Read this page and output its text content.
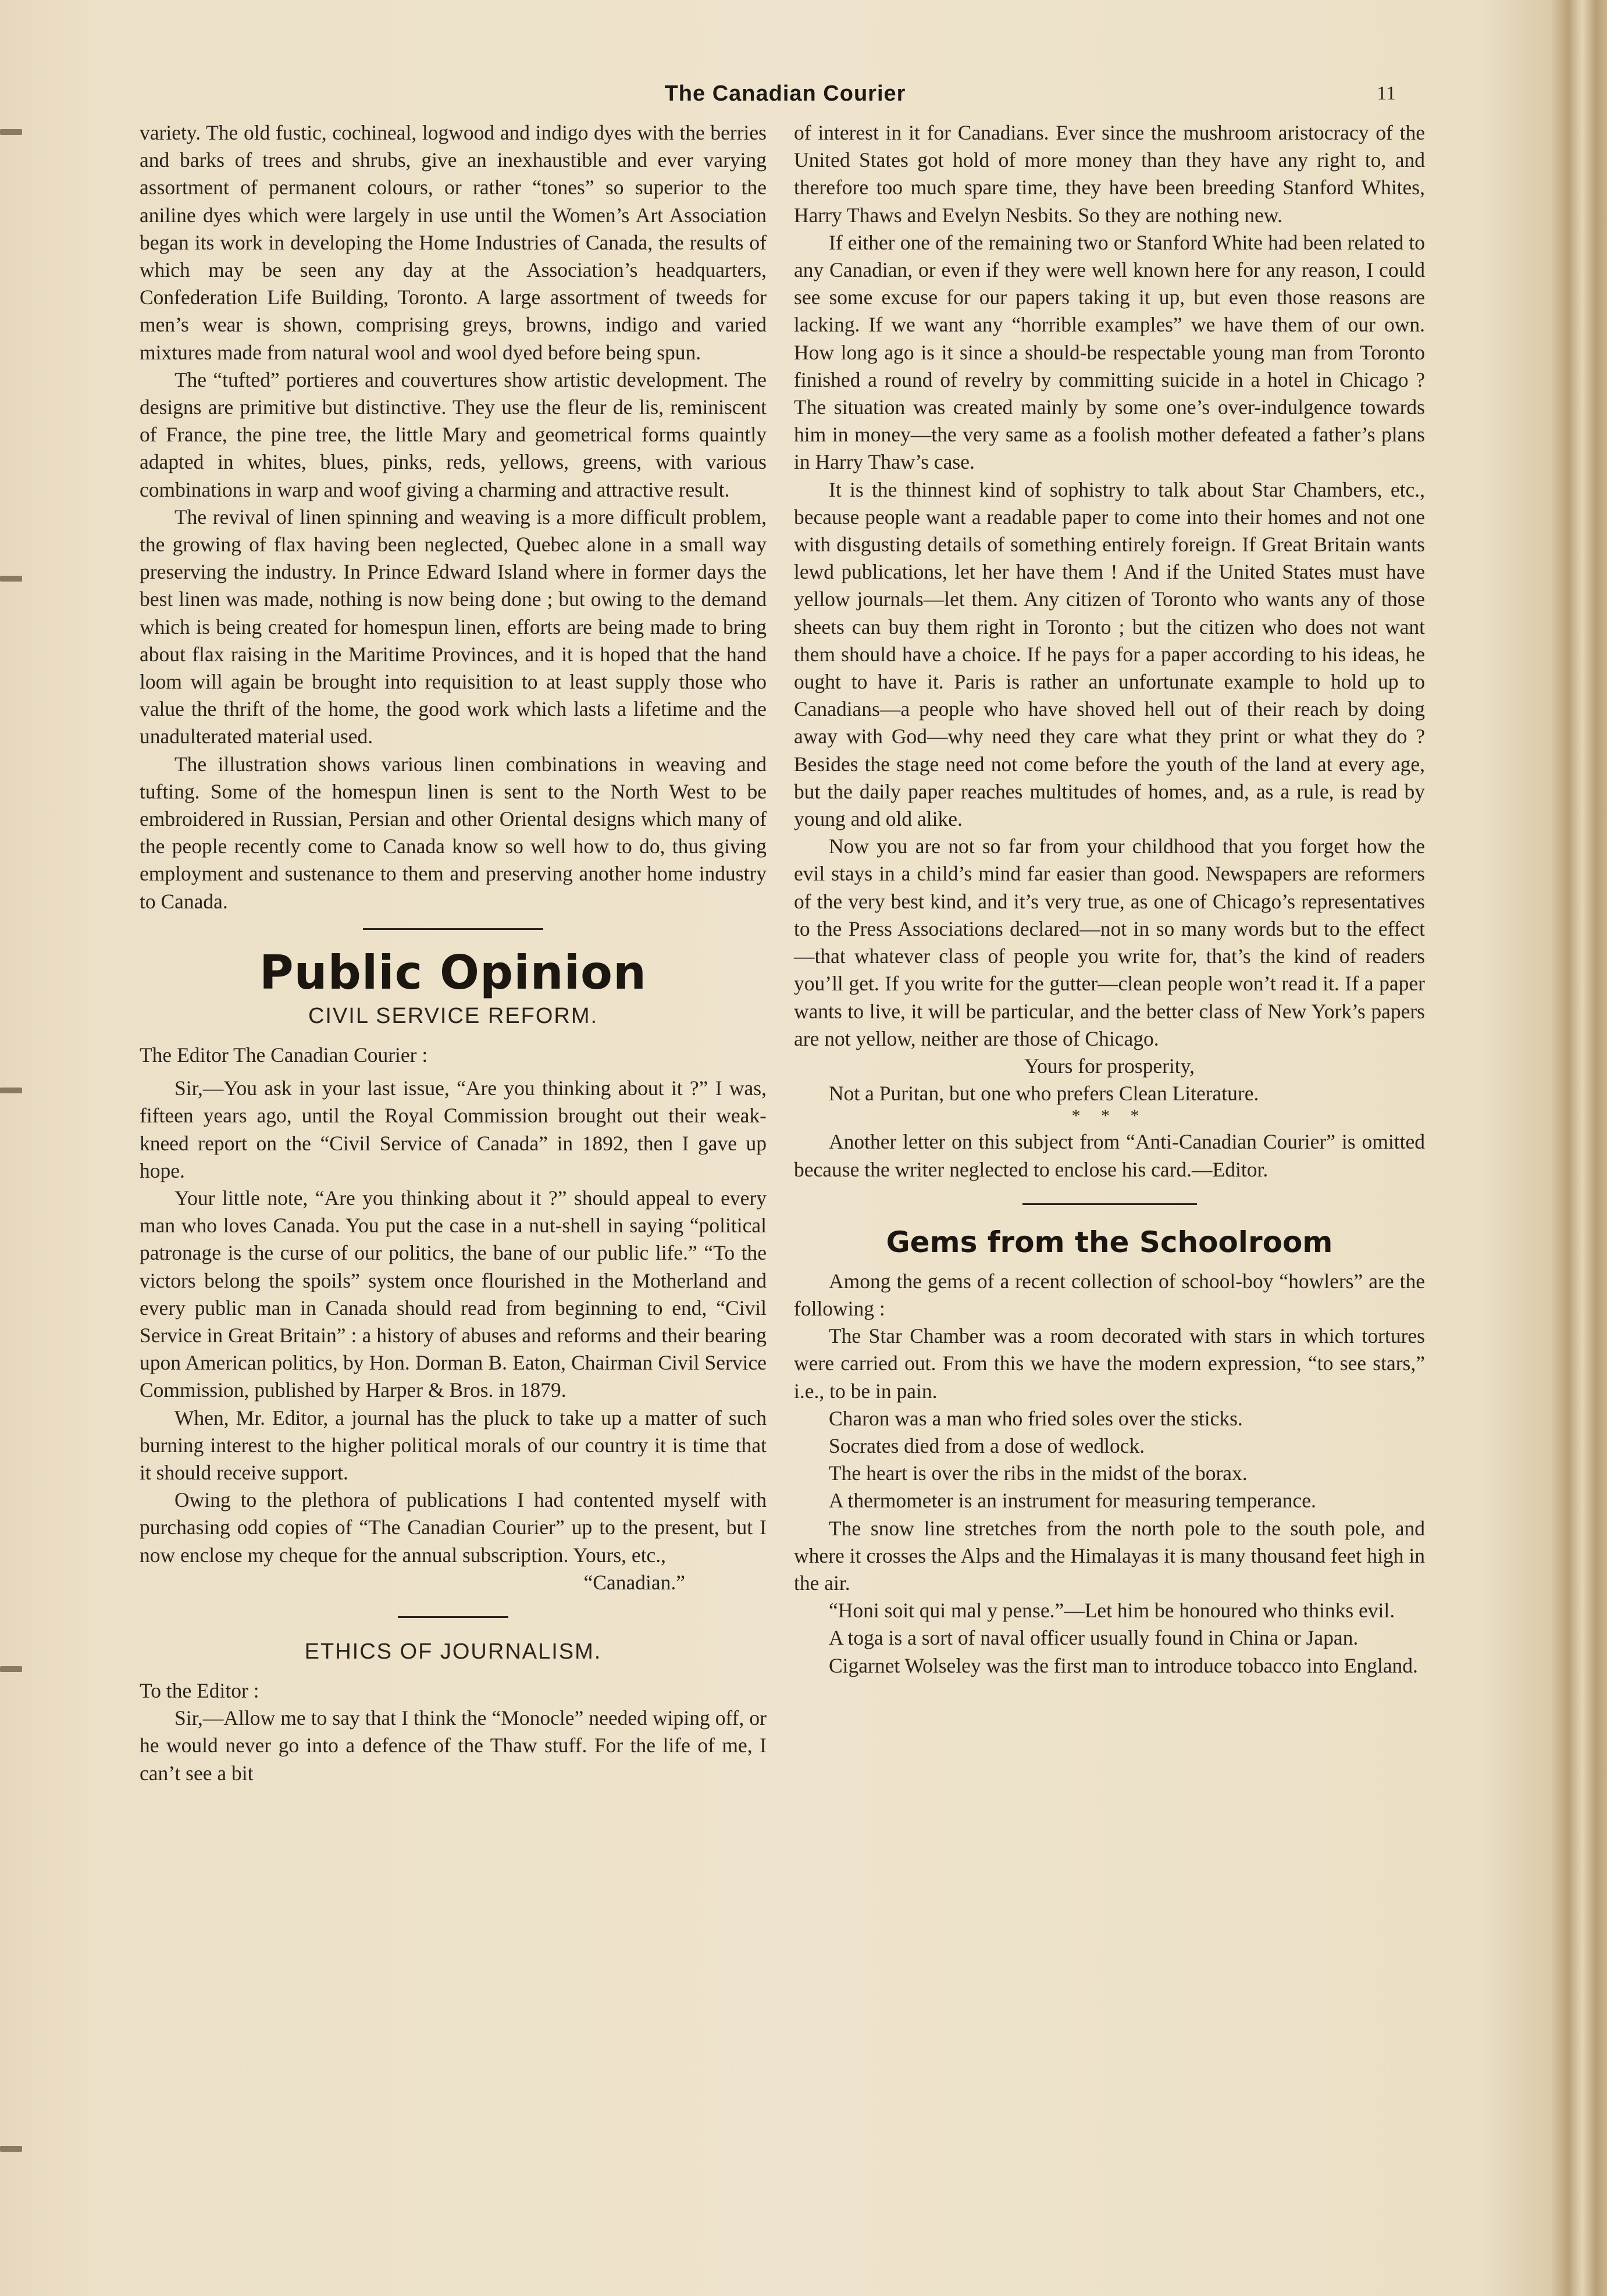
The Canadian Courier	11

variety. The old fustic, cochineal, logwood and indigo dyes with the berries and barks of trees and shrubs, give an inexhaustible and ever varying assortment of permanent colours, or rather “tones” so superior to the aniline dyes which were largely in use until the Women’s Art Association began its work in developing the Home Industries of Canada, the results of which may be seen any day at the Association’s headquarters, Confederation Life Building, Toronto. A large assortment of tweeds for men’s wear is shown, comprising greys, browns, indigo and varied mixtures made from natural wool and wool dyed before being spun.

The “tufted” portieres and couvertures show artistic development. The designs are primitive but distinctive. They use the fleur de lis, reminiscent of France, the pine tree, the little Mary and geometrical forms quaintly adapted in whites, blues, pinks, reds, yellows, greens, with various combinations in warp and woof giving a charming and attractive result.

The revival of linen spinning and weaving is a more difficult problem, the growing of flax having been neglected, Quebec alone in a small way preserving the industry. In Prince Edward Island where in former days the best linen was made, nothing is now being done ; but owing to the demand which is being created for homespun linen, efforts are being made to bring about flax raising in the Maritime Provinces, and it is hoped that the hand loom will again be brought into requisition to at least supply those who value the thrift of the home, the good work which lasts a lifetime and the unadulterated material used.

The illustration shows various linen combinations in weaving and tufting. Some of the homespun linen is sent to the North West to be embroidered in Russian, Persian and other Oriental designs which many of the people recently come to Canada know so well how to do, thus giving employment and sustenance to them and preserving another home industry to Canada.

Public Opinion
CIVIL SERVICE REFORM.

The Editor The Canadian Courier :

Sir,—You ask in your last issue, “Are you thinking about it ?” I was, fifteen years ago, until the Royal Commission brought out their weak-kneed report on the “Civil Service of Canada” in 1892, then I gave up hope.

Your little note, “Are you thinking about it ?” should appeal to every man who loves Canada. You put the case in a nut-shell in saying “political patronage is the curse of our politics, the bane of our public life.” “To the victors belong the spoils” system once flourished in the Motherland and every public man in Canada should read from beginning to end, “Civil Service in Great Britain” : a history of abuses and reforms and their bearing upon American politics, by Hon. Dorman B. Eaton, Chairman Civil Service Commission, published by Harper & Bros. in 1879.

When, Mr. Editor, a journal has the pluck to take up a matter of such burning interest to the higher political morals of our country it is time that it should receive support.

Owing to the plethora of publications I had contented myself with purchasing odd copies of “The Canadian Courier” up to the present, but I now enclose my cheque for the annual subscription. Yours, etc.,

“Canadian.”

ETHICS OF JOURNALISM.

To the Editor :

Sir,—Allow me to say that I think the “Monocle” needed wiping off, or he would never go into a defence of the Thaw stuff. For the life of me, I can’t see a bit

of interest in it for Canadians. Ever since the mushroom aristocracy of the United States got hold of more money than they have any right to, and therefore too much spare time, they have been breeding Stanford Whites, Harry Thaws and Evelyn Nesbits. So they are nothing new.

If either one of the remaining two or Stanford White had been related to any Canadian, or even if they were well known here for any reason, I could see some excuse for our papers taking it up, but even those reasons are lacking. If we want any “horrible examples” we have them of our own. How long ago is it since a should-be respectable young man from Toronto finished a round of revelry by committing suicide in a hotel in Chicago ? The situation was created mainly by some one’s over-indulgence towards him in money—the very same as a foolish mother defeated a father’s plans in Harry Thaw’s case.

It is the thinnest kind of sophistry to talk about Star Chambers, etc., because people want a readable paper to come into their homes and not one with disgusting details of something entirely foreign. If Great Britain wants lewd publications, let her have them ! And if the United States must have yellow journals—let them. Any citizen of Toronto who wants any of those sheets can buy them right in Toronto ; but the citizen who does not want them should have a choice. If he pays for a paper according to his ideas, he ought to have it. Paris is rather an unfortunate example to hold up to Canadians—a people who have shoved hell out of their reach by doing away with God—why need they care what they print or what they do ? Besides the stage need not come before the youth of the land at every age, but the daily paper reaches multitudes of homes, and, as a rule, is read by young and old alike.

Now you are not so far from your childhood that you forget how the evil stays in a child’s mind far easier than good. Newspapers are reformers of the very best kind, and it’s very true, as one of Chicago’s representatives to the Press Associations declared—not in so many words but to the effect—that whatever class of people you write for, that’s the kind of readers you’ll get. If you write for the gutter—clean people won’t read it. If a paper wants to live, it will be particular, and the better class of New York’s papers are not yellow, neither are those of Chicago.

Yours for prosperity,

Not a Puritan, but one who prefers Clean Literature.

* * *

Another letter on this subject from “Anti-Canadian Courier” is omitted because the writer neglected to enclose his card.—Editor.

Gems from the Schoolroom

Among the gems of a recent collection of school-boy “howlers” are the following :

The Star Chamber was a room decorated with stars in which tortures were carried out. From this we have the modern expression, “to see stars,” i.e., to be in pain.

Charon was a man who fried soles over the sticks.

Socrates died from a dose of wedlock.

The heart is over the ribs in the midst of the borax.

A thermometer is an instrument for measuring temperance.

The snow line stretches from the north pole to the south pole, and where it crosses the Alps and the Himalayas it is many thousand feet high in the air.

“Honi soit qui mal y pense.”—Let him be honoured who thinks evil.

A toga is a sort of naval officer usually found in China or Japan.

Cigarnet Wolseley was the first man to introduce tobacco into England.
